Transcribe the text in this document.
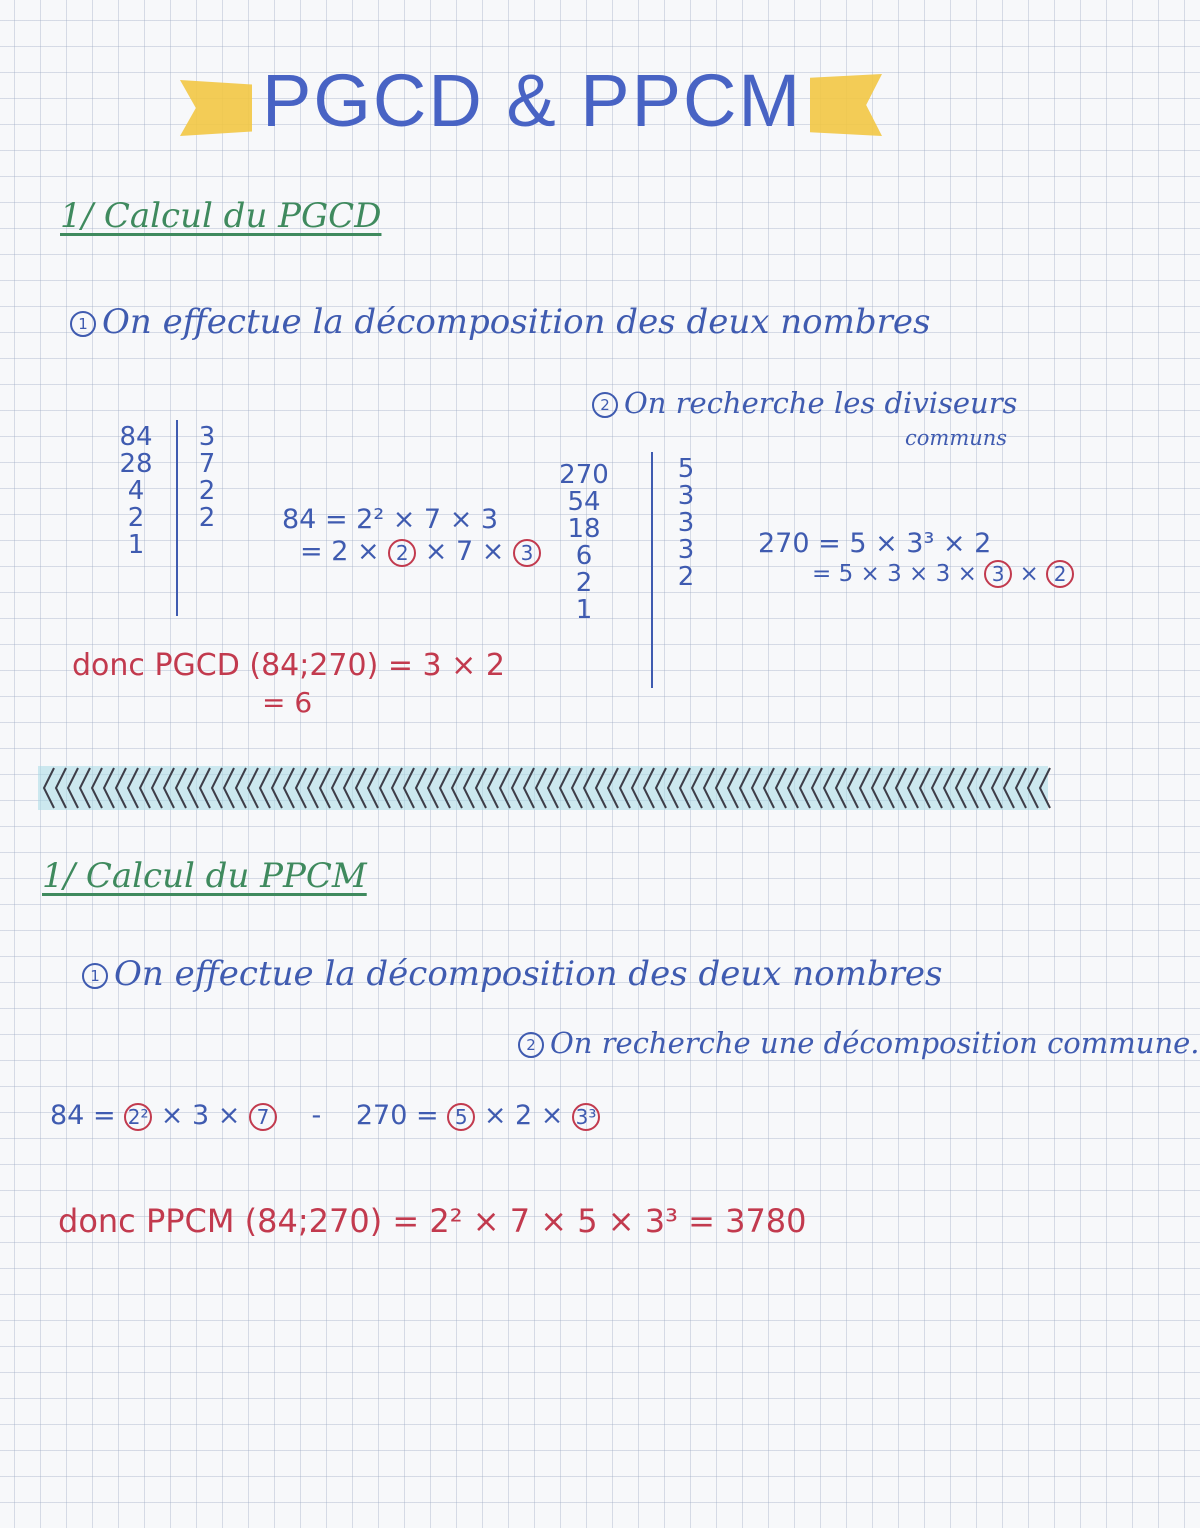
PGCD & PPCM
1/ Calcul du PGCD
1 On effectue la décomposition des deux nombres
2 On recherche les diviseurs
communs
84
28
4
2
1
3
7
2
2	84 = 2² × 7 × 3
= 2 × 2 × 7 × 3
270
54
18
6
2
1
5
3
3
3
2
270 = 5 × 3³ × 2
= 5 × 3 × 3 × 3 × 2
donc PGCD (84;270) = 3 × 2
= 6
1/ Calcul du PPCM
1 On effectue la décomposition des deux nombres
2 On recherche une décomposition commune.
84 = 2² × 3 × 7 - 270 = 5 × 2 × 3³
donc PPCM (84;270) = 2² × 7 × 5 × 3³ = 3780
